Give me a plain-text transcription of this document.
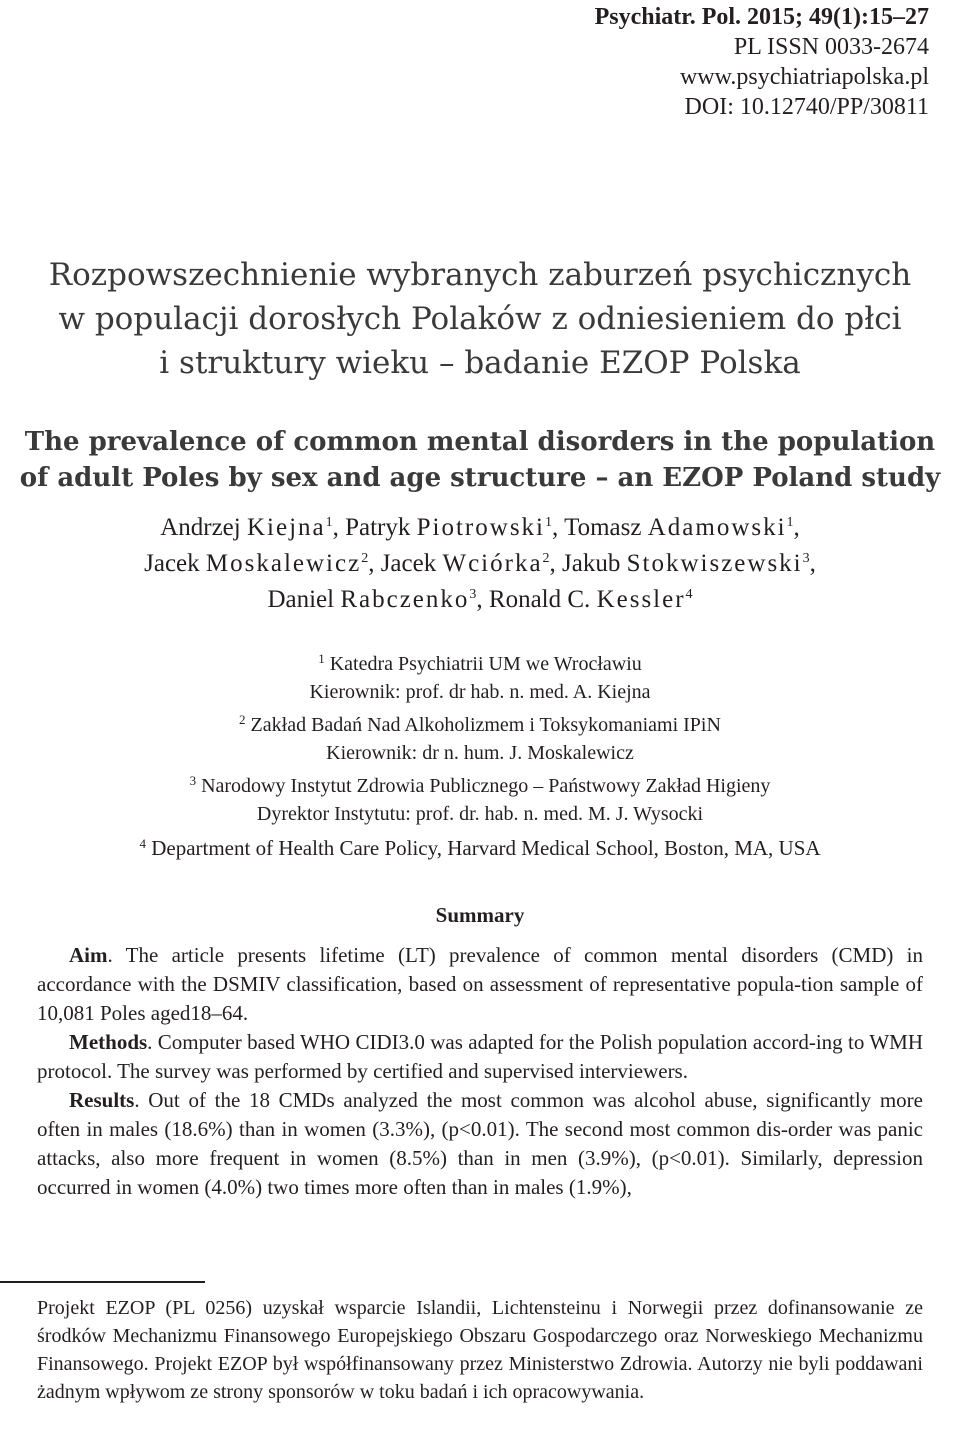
Psychiatr. Pol. 2015; 49(1):15–27
PL ISSN 0033-2674
www.psychiatriapolska.pl
DOI: 10.12740/PP/30811
Rozpowszechnienie wybranych zaburzeń psychicznych
w populacji dorosłych Polaków z odniesieniem do płci
i struktury wieku – badanie EZOP Polska
The prevalence of common mental disorders in the population
of adult Poles by sex and age structure – an EZOP Poland study
Andrzej Kiejna$^1$, Patryk Piotrowski$^1$, Tomasz Adamowski$^1$,
Jacek Moskalewicz$^2$, Jacek Wciórka$^2$, Jakub Stokwiszewski$^3$,
Daniel Rabczenko$^3$, Ronald C. Kessler$^4$
$^1$ Katedra Psychiatrii UM we Wrocławiu
Kierownik: prof. dr hab. n. med. A. Kiejna
$^2$ Zakład Badań Nad Alkoholizmem i Toksykomaniami IPiN
Kierownik: dr n. hum. J. Moskalewicz
$^3$ Narodowy Instytut Zdrowia Publicznego – Państwowy Zakład Higieny
Dyrektor Instytutu: prof. dr. hab. n. med. M. J. Wysocki
$^4$ Department of Health Care Policy, Harvard Medical School, Boston, MA, USA
Summary

Aim. The article presents lifetime (LT) prevalence of common mental disorders (CMD) in accordance with the DSMIV classification, based on assessment of representative popula-tion sample of 10,081 Poles aged18–64.

Methods. Computer based WHO CIDI3.0 was adapted for the Polish population accord-ing to WMH protocol. The survey was performed by certified and supervised interviewers.

Results. Out of the 18 CMDs analyzed the most common was alcohol abuse, significantly more often in males (18.6%) than in women (3.3%), (p<0.01). The second most common dis-order was panic attacks, also more frequent in women (8.5%) than in men (3.9%), (p<0.01). Similarly, depression occurred in women (4.0%) two times more often than in males (1.9%),

Projekt EZOP (PL 0256) uzyskał wsparcie Islandii, Lichtensteinu i Norwegii przez dofinansowanie ze środków Mechanizmu Finansowego Europejskiego Obszaru Gospodarczego oraz Norweskiego Mechanizmu Finansowego. Projekt EZOP był współfinansowany przez Ministerstwo Zdrowia. Autorzy nie byli poddawani żadnym wpływom ze strony sponsorów w toku badań i ich opracowywania.
